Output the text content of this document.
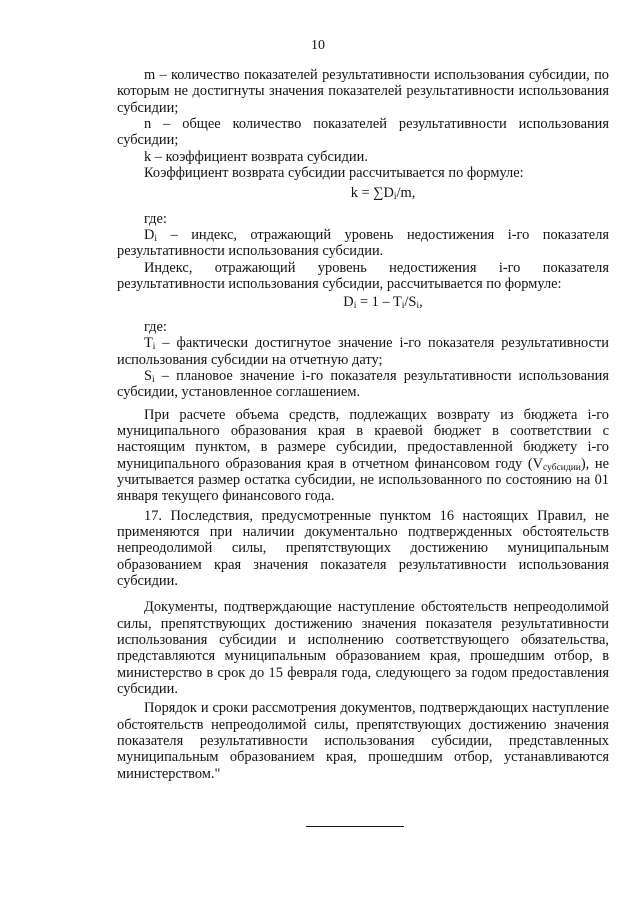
10

m – количество показателей результативности использования субсидии, по которым не достигнуты значения показателей результативности использования субсидии;

n – общее количество показателей результативности использования субсидии;

k – коэффициент возврата субсидии.

Коэффициент возврата субсидии рассчитывается по формуле:

$k = \sum D_i/m$,

где:

$D_i$ – индекс, отражающий уровень недостижения i-го показателя результативности использования субсидии.

Индекс, отражающий уровень недостижения i-го показателя результативности использования субсидии, рассчитывается по формуле:

$D_i = 1 - T_i/S_i$,

где:

$T_i$ – фактически достигнутое значение i-го показателя результативности использования субсидии на отчетную дату;

$S_i$ – плановое значение i-го показателя результативности использования субсидии, установленное соглашением.

При расчете объема средств, подлежащих возврату из бюджета i-го муниципального образования края в краевой бюджет в соответствии с настоящим пунктом, в размере субсидии, предоставленной бюджету i-го муниципального образования края в отчетном финансовом году $(V_{субсидии})$, не учитывается размер остатка субсидии, не использованного по состоянию на 01 января текущего финансового года.

17. Последствия, предусмотренные пунктом 16 настоящих Правил, не применяются при наличии документально подтвержденных обстоятельств непреодолимой силы, препятствующих достижению муниципальным образованием края значения показателя результативности использования субсидии.

Документы, подтверждающие наступление обстоятельств непреодолимой силы, препятствующих достижению значения показателя результативности использования субсидии и исполнению соответствующего обязательства, представляются муниципальным образованием края, прошедшим отбор, в министерство в срок до 15 февраля года, следующего за годом предоставления субсидии.

Порядок и сроки рассмотрения документов, подтверждающих наступление обстоятельств непреодолимой силы, препятствующих достижению значения показателя результативности использования субсидии, представленных муниципальным образованием края, прошедшим отбор, устанавливаются министерством."
